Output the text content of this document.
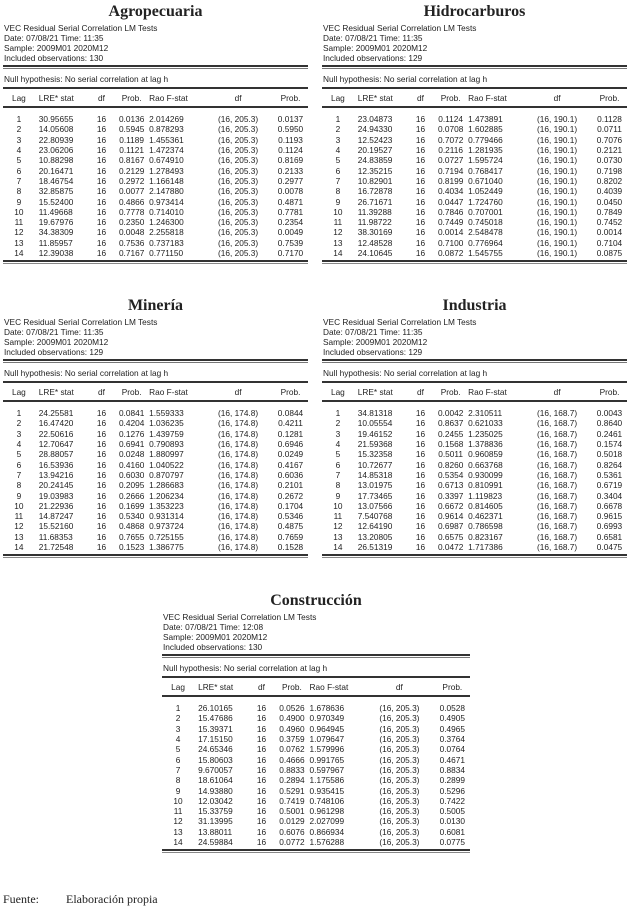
Agropecuaria
VEC Residual Serial Correlation LM Tests
Date: 07/08/21 Time: 11:35
Sample: 2009M01 2020M12
Included observations: 130
Null hypothesis: No serial correlation at lag h
Lag	LRE* stat	df	Prob.	Rao F-stat	df	Prob.
1	30.95655	16	0.0136	2.014269	(16, 205.3)	0.0137
2	14.05608	16	0.5945	0.878293	(16, 205.3)	0.5950
3	22.80939	16	0.1189	1.455361	(16, 205.3)	0.1193
4	23.06206	16	0.1121	1.472374	(16, 205.3)	0.1124
5	10.88298	16	0.8167	0.674910	(16, 205.3)	0.8169
6	20.16471	16	0.2129	1.278493	(16, 205.3)	0.2133
7	18.46754	16	0.2972	1.166148	(16, 205.3)	0.2977
8	32.85875	16	0.0077	2.147880	(16, 205.3)	0.0078
9	15.52400	16	0.4866	0.973414	(16, 205.3)	0.4871
10	11.49668	16	0.7778	0.714010	(16, 205.3)	0.7781
11	19.67976	16	0.2350	1.246300	(16, 205.3)	0.2354
12	34.38309	16	0.0048	2.255818	(16, 205.3)	0.0049
13	11.85957	16	0.7536	0.737183	(16, 205.3)	0.7539
14	12.39038	16	0.7167	0.771150	(16, 205.3)	0.7170
Hidrocarburos
VEC Residual Serial Correlation LM Tests
Date: 07/08/21 Time: 11:35
Sample: 2009M01 2020M12
Included observations: 129
Null hypothesis: No serial correlation at lag h
Lag	LRE* stat	df	Prob.	Rao F-stat	df	Prob.
1	23.04873	16	0.1124	1.473891	(16, 190.1)	0.1128
2	24.94330	16	0.0708	1.602885	(16, 190.1)	0.0711
3	12.52423	16	0.7072	0.779466	(16, 190.1)	0.7076
4	20.19527	16	0.2116	1.281935	(16, 190.1)	0.2121
5	24.83859	16	0.0727	1.595724	(16, 190.1)	0.0730
6	12.35215	16	0.7194	0.768417	(16, 190.1)	0.7198
7	10.82901	16	0.8199	0.671040	(16, 190.1)	0.8202
8	16.72878	16	0.4034	1.052449	(16, 190.1)	0.4039
9	26.71671	16	0.0447	1.724760	(16, 190.1)	0.0450
10	11.39288	16	0.7846	0.707001	(16, 190.1)	0.7849
11	11.98722	16	0.7449	0.745018	(16, 190.1)	0.7452
12	38.30169	16	0.0014	2.548478	(16, 190.1)	0.0014
13	12.48528	16	0.7100	0.776964	(16, 190.1)	0.7104
14	24.10645	16	0.0872	1.545755	(16, 190.1)	0.0875
Minería
VEC Residual Serial Correlation LM Tests
Date: 07/08/21 Time: 11:35
Sample: 2009M01 2020M12
Included observations: 129
Null hypothesis: No serial correlation at lag h
Lag	LRE* stat	df	Prob.	Rao F-stat	df	Prob.
1	24.25581	16	0.0841	1.559333	(16, 174.8)	0.0844
2	16.47420	16	0.4204	1.036235	(16, 174.8)	0.4211
3	22.50616	16	0.1276	1.439759	(16, 174.8)	0.1281
4	12.70647	16	0.6941	0.790893	(16, 174.8)	0.6946
5	28.88057	16	0.0248	1.880997	(16, 174.8)	0.0249
6	16.53936	16	0.4160	1.040522	(16, 174.8)	0.4167
7	13.94216	16	0.6030	0.870797	(16, 174.8)	0.6036
8	20.24145	16	0.2095	1.286683	(16, 174.8)	0.2101
9	19.03983	16	0.2666	1.206234	(16, 174.8)	0.2672
10	21.22936	16	0.1699	1.353223	(16, 174.8)	0.1704
11	14.87247	16	0.5340	0.931314	(16, 174.8)	0.5346
12	15.52160	16	0.4868	0.973724	(16, 174.8)	0.4875
13	11.68353	16	0.7655	0.725155	(16, 174.8)	0.7659
14	21.72548	16	0.1523	1.386775	(16, 174.8)	0.1528
Industria
VEC Residual Serial Correlation LM Tests
Date: 07/08/21 Time: 11:35
Sample: 2009M01 2020M12
Included observations: 129
Null hypothesis: No serial correlation at lag h
Lag	LRE* stat	df	Prob.	Rao F-stat	df	Prob.
1	34.81318	16	0.0042	2.310511	(16, 168.7)	0.0043
2	10.05554	16	0.8637	0.621033	(16, 168.7)	0.8640
3	19.46152	16	0.2455	1.235025	(16, 168.7)	0.2461
4	21.59368	16	0.1568	1.378836	(16, 168.7)	0.1574
5	15.32358	16	0.5011	0.960859	(16, 168.7)	0.5018
6	10.72677	16	0.8260	0.663768	(16, 168.7)	0.8264
7	14.85318	16	0.5354	0.930099	(16, 168.7)	0.5361
8	13.01975	16	0.6713	0.810991	(16, 168.7)	0.6719
9	17.73465	16	0.3397	1.119823	(16, 168.7)	0.3404
10	13.07566	16	0.6672	0.814605	(16, 168.7)	0.6678
11	7.540768	16	0.9614	0.462371	(16, 168.7)	0.9615
12	12.64190	16	0.6987	0.786598	(16, 168.7)	0.6993
13	13.20805	16	0.6575	0.823167	(16, 168.7)	0.6581
14	26.51319	16	0.0472	1.717386	(16, 168.7)	0.0475
Construcción
VEC Residual Serial Correlation LM Tests
Date: 07/08/21 Time: 12:08
Sample: 2009M01 2020M12
Included observations: 130
Null hypothesis: No serial correlation at lag h
Lag	LRE* stat	df	Prob.	Rao F-stat	df	Prob.
1	26.10165	16	0.0526	1.678636	(16, 205.3)	0.0528
2	15.47686	16	0.4900	0.970349	(16, 205.3)	0.4905
3	15.39371	16	0.4960	0.964945	(16, 205.3)	0.4965
4	17.15150	16	0.3759	1.079647	(16, 205.3)	0.3764
5	24.65346	16	0.0762	1.579996	(16, 205.3)	0.0764
6	15.80603	16	0.4666	0.991765	(16, 205.3)	0.4671
7	9.670057	16	0.8833	0.597967	(16, 205.3)	0.8834
8	18.61064	16	0.2894	1.175586	(16, 205.3)	0.2899
9	14.93880	16	0.5291	0.935415	(16, 205.3)	0.5296
10	12.03042	16	0.7419	0.748106	(16, 205.3)	0.7422
11	15.33759	16	0.5001	0.961298	(16, 205.3)	0.5005
12	31.13995	16	0.0129	2.027099	(16, 205.3)	0.0130
13	13.88011	16	0.6076	0.866934	(16, 205.3)	0.6081
14	24.59884	16	0.0772	1.576288	(16, 205.3)	0.0775
Fuente: Elaboración propia
